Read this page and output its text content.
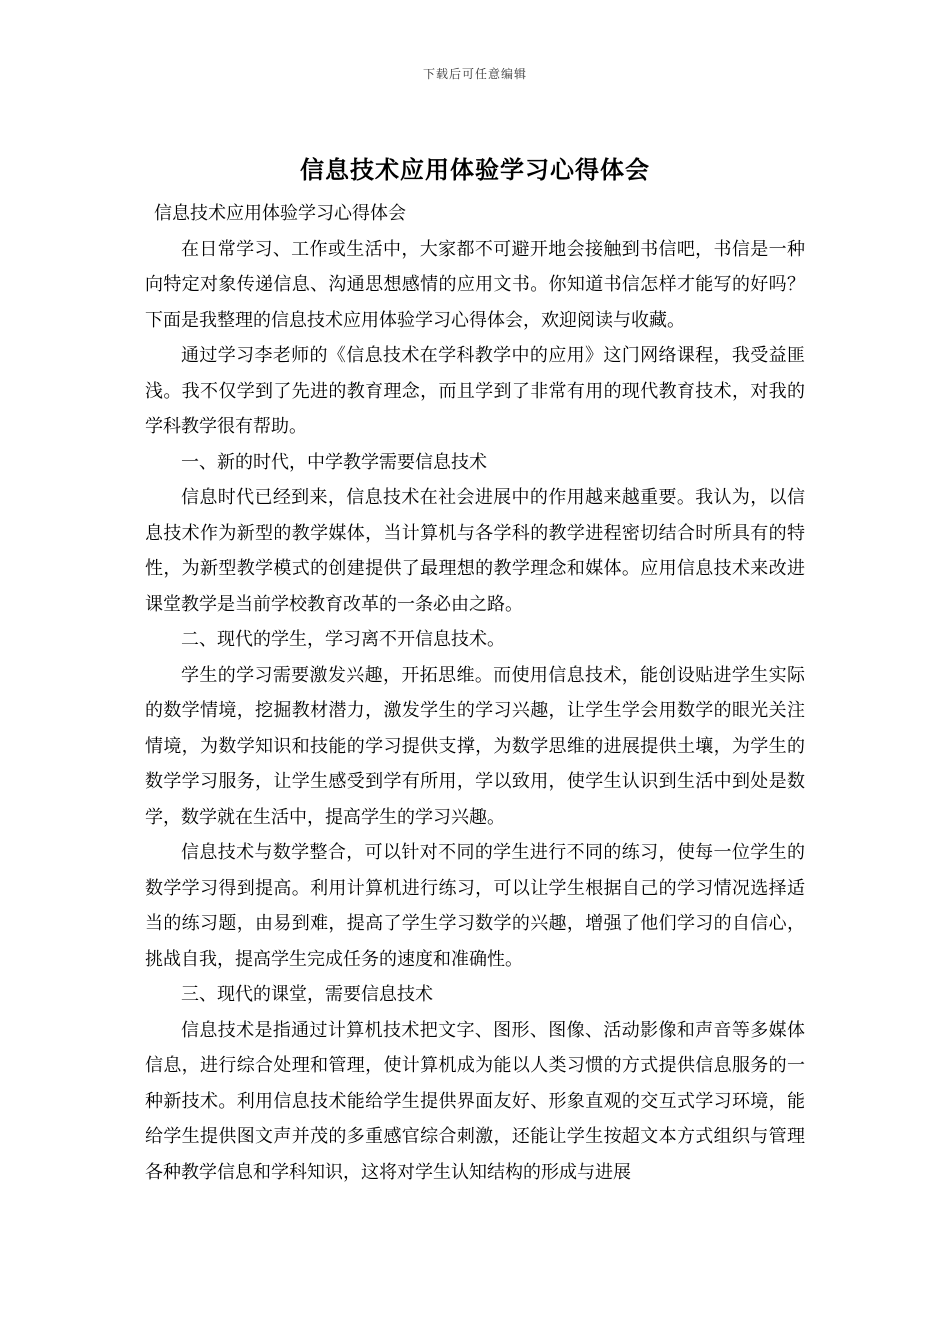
下载后可任意编辑
信息技术应用体验学习心得体会

信息技术应用体验学习心得体会

在日常学习、工作或生活中，大家都不可避开地会接触到书信吧，书信是一种向特定对象传递信息、沟通思想感情的应用文书。你知道书信怎样才能写的好吗？下面是我整理的信息技术应用体验学习心得体会，欢迎阅读与收藏。

通过学习李老师的《信息技术在学科教学中的应用》这门网络课程，我受益匪浅。我不仅学到了先进的教育理念，而且学到了非常有用的现代教育技术，对我的学科教学很有帮助。

一、新的时代，中学教学需要信息技术

信息时代已经到来，信息技术在社会进展中的作用越来越重要。我认为，以信息技术作为新型的教学媒体，当计算机与各学科的教学进程密切结合时所具有的特性，为新型教学模式的创建提供了最理想的教学理念和媒体。应用信息技术来改进课堂教学是当前学校教育改革的一条必由之路。

二、现代的学生，学习离不开信息技术。

学生的学习需要激发兴趣，开拓思维。而使用信息技术，能创设贴进学生实际的数学情境，挖掘教材潜力，激发学生的学习兴趣，让学生学会用数学的眼光关注情境，为数学知识和技能的学习提供支撑，为数学思维的进展提供土壤，为学生的数学学习服务，让学生感受到学有所用，学以致用，使学生认识到生活中到处是数学，数学就在生活中，提高学生的学习兴趣。

信息技术与数学整合，可以针对不同的学生进行不同的练习，使每一位学生的数学学习得到提高。利用计算机进行练习，可以让学生根据自己的学习情况选择适当的练习题，由易到难，提高了学生学习数学的兴趣，增强了他们学习的自信心，挑战自我，提高学生完成任务的速度和准确性。

三、现代的课堂，需要信息技术

信息技术是指通过计算机技术把文字、图形、图像、活动影像和声音等多媒体信息，进行综合处理和管理，使计算机成为能以人类习惯的方式提供信息服务的一种新技术。利用信息技术能给学生提供界面友好、形象直观的交互式学习环境，能给学生提供图文声并茂的多重感官综合刺激，还能让学生按超文本方式组织与管理各种教学信息和学科知识，这将对学生认知结构的形成与进展
